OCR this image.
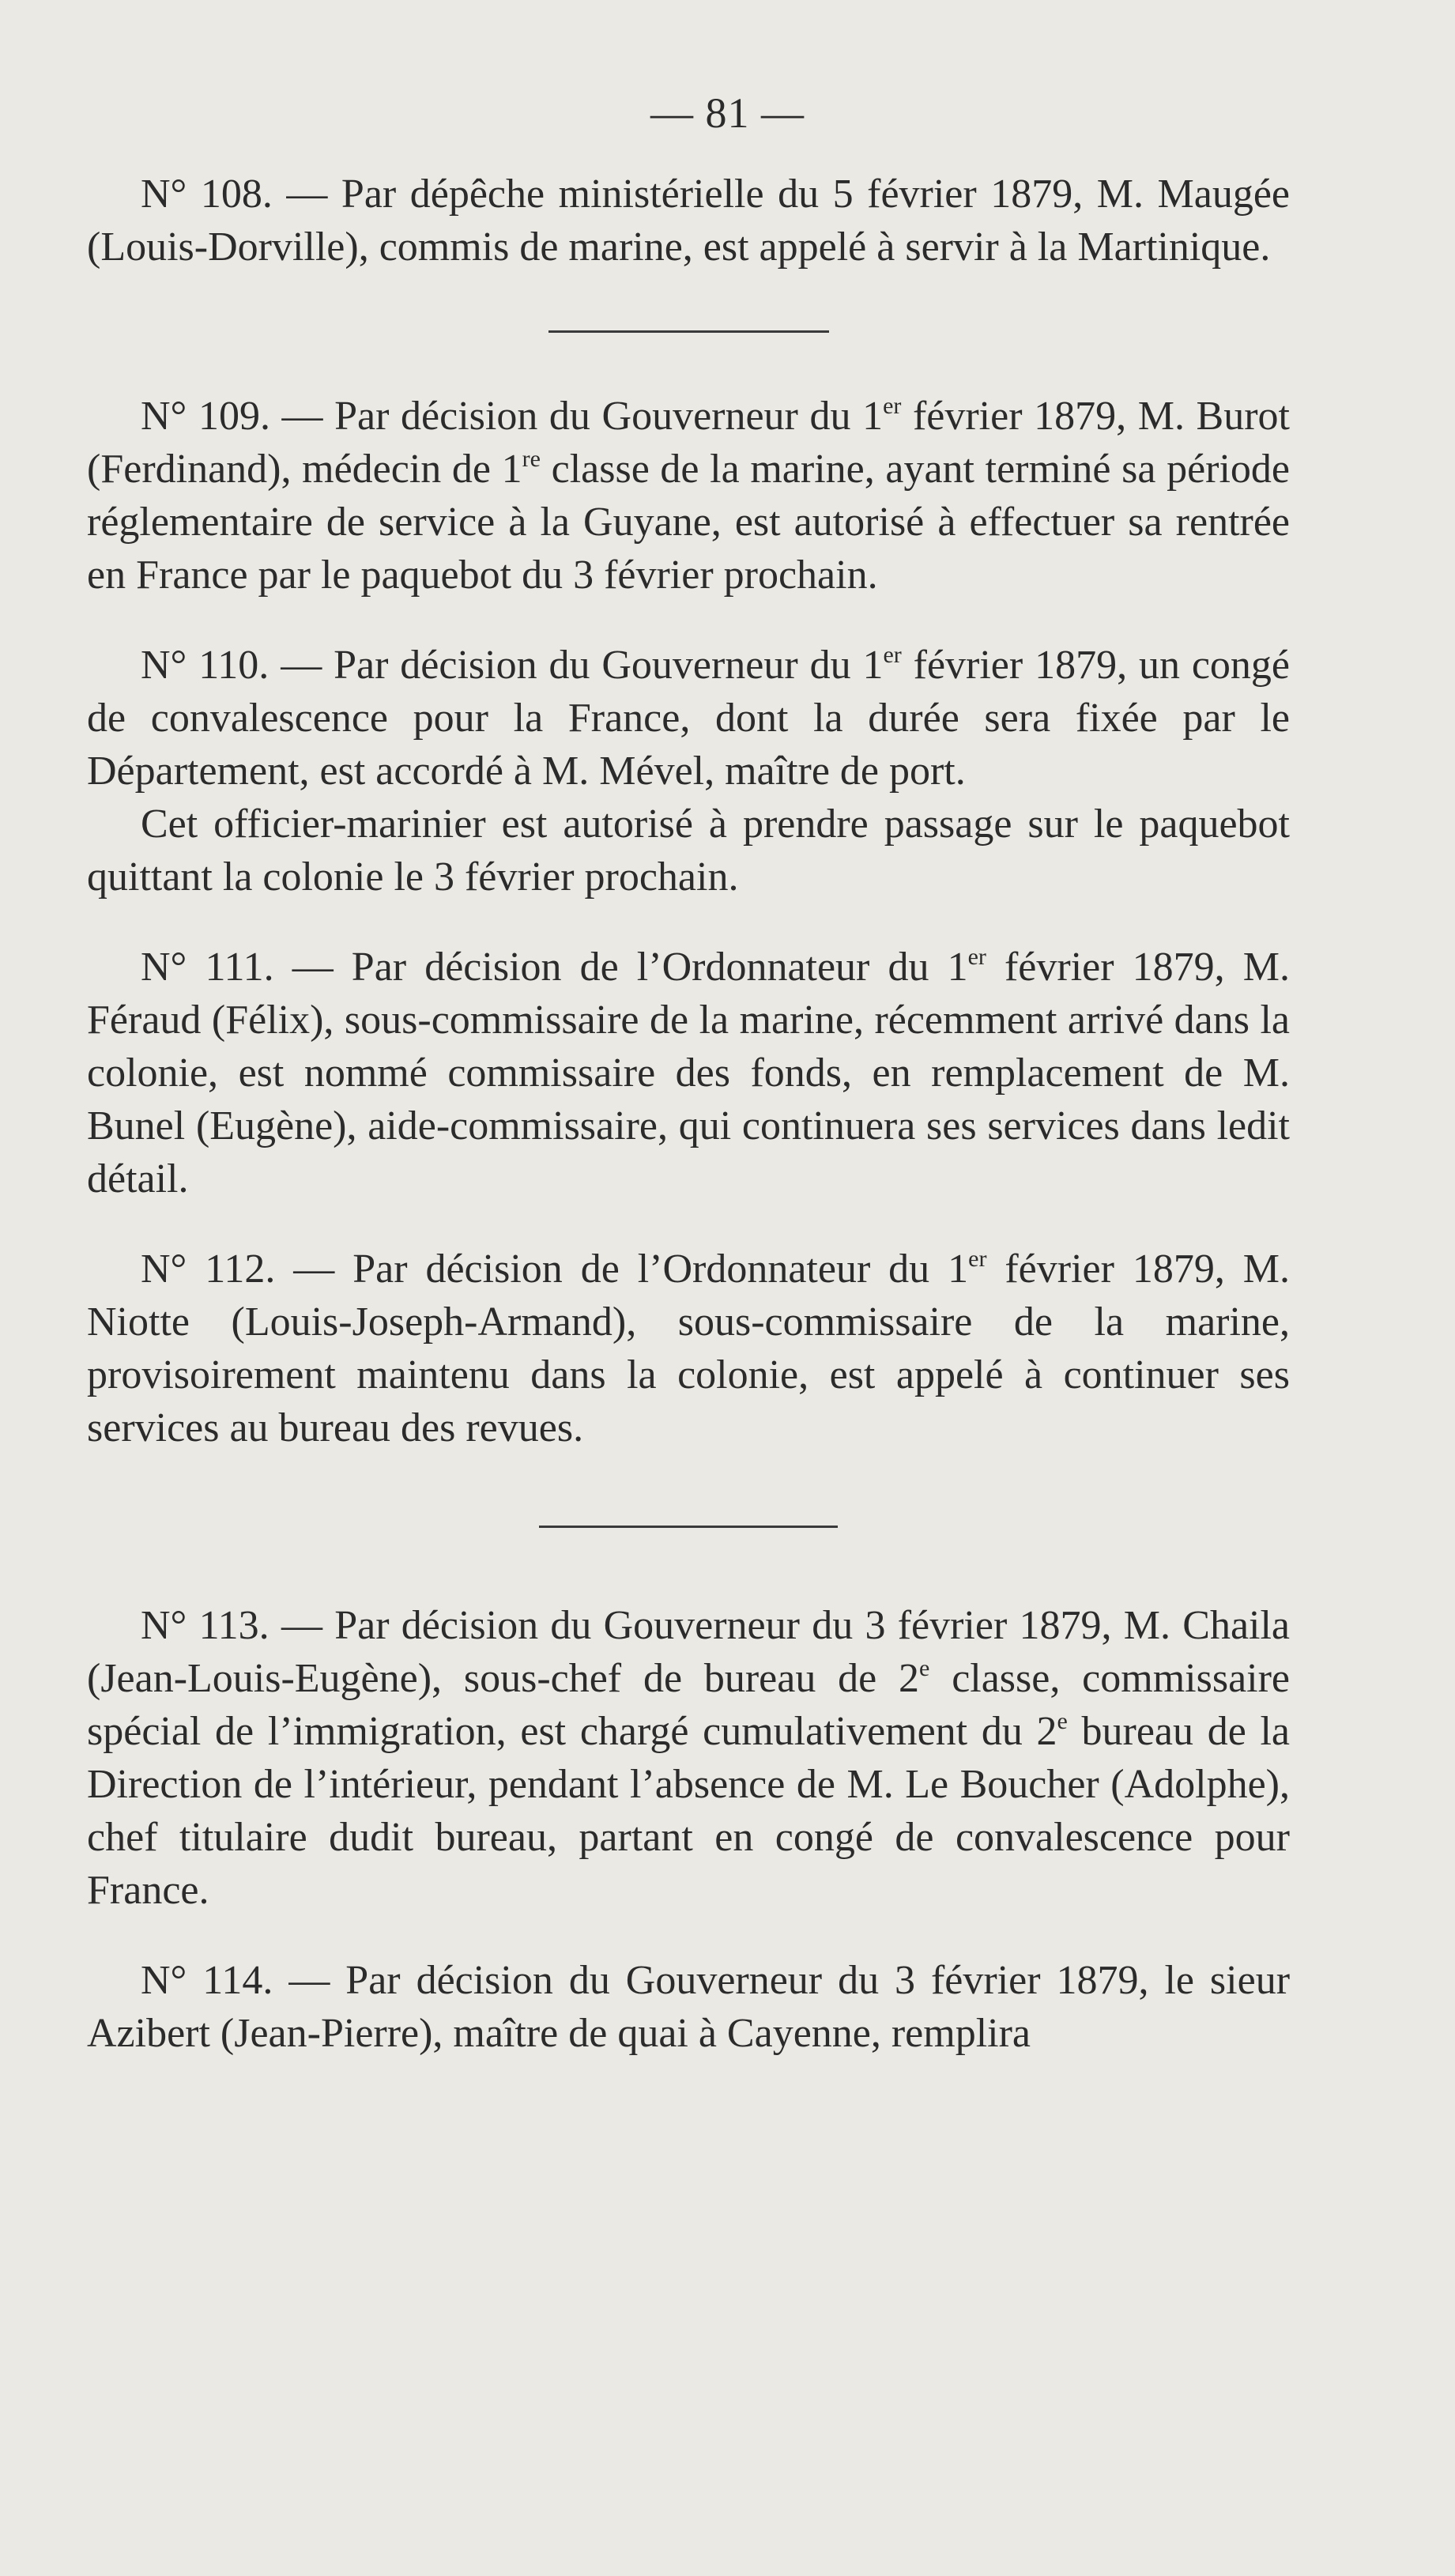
— 81 —

N° 108. — Par dépêche ministérielle du 5 février 1879, M. Maugée (Louis-Dorville), commis de marine, est appelé à servir à la Martinique.

N° 109. — Par décision du Gouverneur du 1er février 1879, M. Burot (Ferdinand), médecin de 1re classe de la marine, ayant terminé sa période réglementaire de service à la Guyane, est autorisé à effectuer sa rentrée en France par le paquebot du 3 février prochain.

N° 110. — Par décision du Gouverneur du 1er février 1879, un congé de convalescence pour la France, dont la durée sera fixée par le Département, est accordé à M. Mével, maître de port.

Cet officier-marinier est autorisé à prendre passage sur le paquebot quittant la colonie le 3 février prochain.

N° 111. — Par décision de l’Ordonnateur du 1er février 1879, M. Féraud (Félix), sous-commissaire de la marine, récemment arrivé dans la colonie, est nommé commissaire des fonds, en remplacement de M. Bunel (Eugène), aide-commissaire, qui continuera ses services dans ledit détail.

N° 112. — Par décision de l’Ordonnateur du 1er février 1879, M. Niotte (Louis-Joseph-Armand), sous-commissaire de la marine, provisoirement maintenu dans la colonie, est appelé à continuer ses services au bureau des revues.

N° 113. — Par décision du Gouverneur du 3 février 1879, M. Chaila (Jean-Louis-Eugène), sous-chef de bureau de 2e classe, commissaire spécial de l’immigration, est chargé cumulativement du 2e bureau de la Direction de l’intérieur, pendant l’absence de M. Le Boucher (Adolphe), chef titulaire dudit bureau, partant en congé de convalescence pour France.

N° 114. — Par décision du Gouverneur du 3 février 1879, le sieur Azibert (Jean-Pierre), maître de quai à Cayenne, remplira
